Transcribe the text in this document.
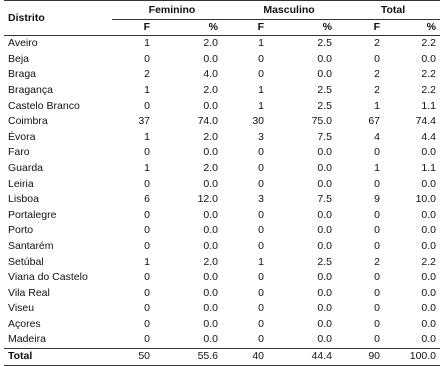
Distrito	Feminino		Masculino		Total	
	F	%	F	%	F	%
Aveiro	1	2.0	1	2.5	2	2.2
Beja	0	0.0	0	0.0	0	0.0
Braga	2	4.0	0	0.0	2	2.2
Bragança	1	2.0	1	2.5	2	2.2
Castelo Branco	0	0.0	1	2.5	1	1.1
Coimbra	37	74.0	30	75.0	67	74.4
Évora	1	2.0	3	7.5	4	4.4
Faro	0	0.0	0	0.0	0	0.0
Guarda	1	2.0	0	0.0	1	1.1
Leiria	0	0.0	0	0.0	0	0.0
Lisboa	6	12.0	3	7.5	9	10.0
Portalegre	0	0.0	0	0.0	0	0.0
Porto	0	0.0	0	0.0	0	0.0
Santarém	0	0.0	0	0.0	0	0.0
Setúbal	1	2.0	1	2.5	2	2.2
Viana do Castelo	0	0.0	0	0.0	0	0.0
Vila Real	0	0.0	0	0.0	0	0.0
Viseu	0	0.0	0	0.0	0	0.0
Açores	0	0.0	0	0.0	0	0.0
Madeira	0	0.0	0	0.0	0	0.0
Total	50	55.6	40	44.4	90	100.0
